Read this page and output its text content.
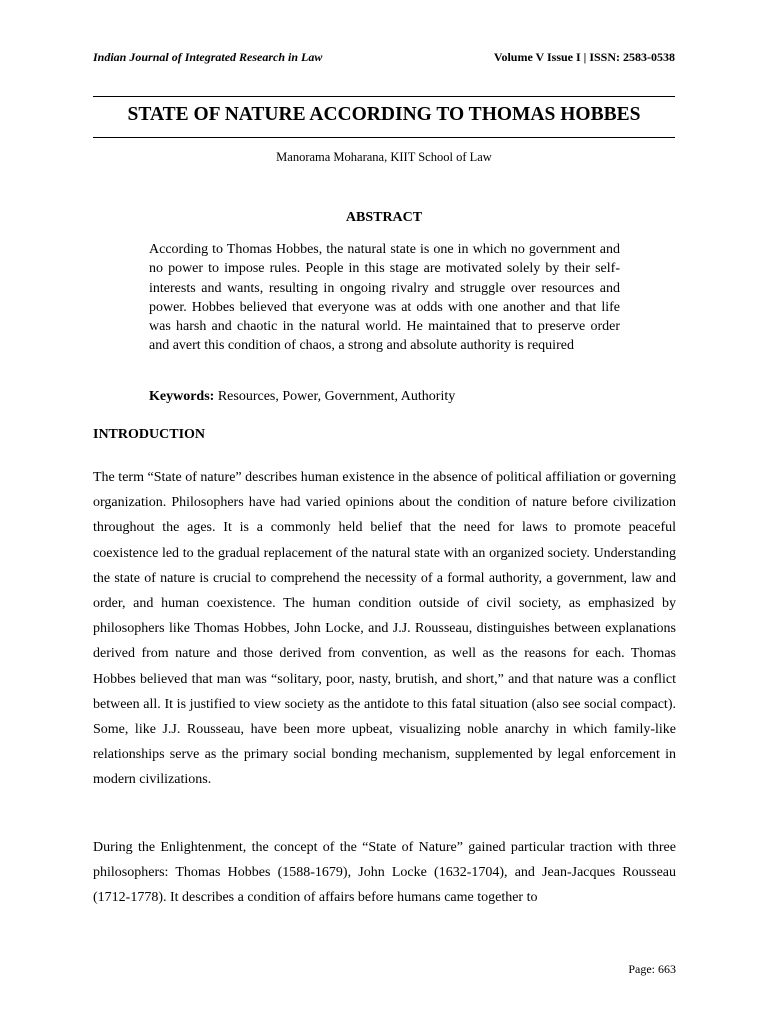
Indian Journal of Integrated Research in Law	Volume V Issue I | ISSN: 2583-0538
STATE OF NATURE ACCORDING TO THOMAS HOBBES
Manorama Moharana, KIIT School of Law
ABSTRACT

According to Thomas Hobbes, the natural state is one in which no government and no power to impose rules. People in this stage are motivated solely by their self-interests and wants, resulting in ongoing rivalry and struggle over resources and power. Hobbes believed that everyone was at odds with one another and that life was harsh and chaotic in the natural world. He maintained that to preserve order and avert this condition of chaos, a strong and absolute authority is required

Keywords: Resources, Power, Government, Authority

INTRODUCTION

The term “State of nature” describes human existence in the absence of political affiliation or governing organization. Philosophers have had varied opinions about the condition of nature before civilization throughout the ages. It is a commonly held belief that the need for laws to promote peaceful coexistence led to the gradual replacement of the natural state with an organized society. Understanding the state of nature is crucial to comprehend the necessity of a formal authority, a government, law and order, and human coexistence. The human condition outside of civil society, as emphasized by philosophers like Thomas Hobbes, John Locke, and J.J. Rousseau, distinguishes between explanations derived from nature and those derived from convention, as well as the reasons for each. Thomas Hobbes believed that man was “solitary, poor, nasty, brutish, and short,” and that nature was a conflict between all. It is justified to view society as the antidote to this fatal situation (also see social compact). Some, like J.J. Rousseau, have been more upbeat, visualizing noble anarchy in which family-like relationships serve as the primary social bonding mechanism, supplemented by legal enforcement in modern civilizations.

During the Enlightenment, the concept of the “State of Nature” gained particular traction with three philosophers: Thomas Hobbes (1588-1679), John Locke (1632-1704), and Jean-Jacques Rousseau (1712-1778). It describes a condition of affairs before humans came together to

Page: 663
